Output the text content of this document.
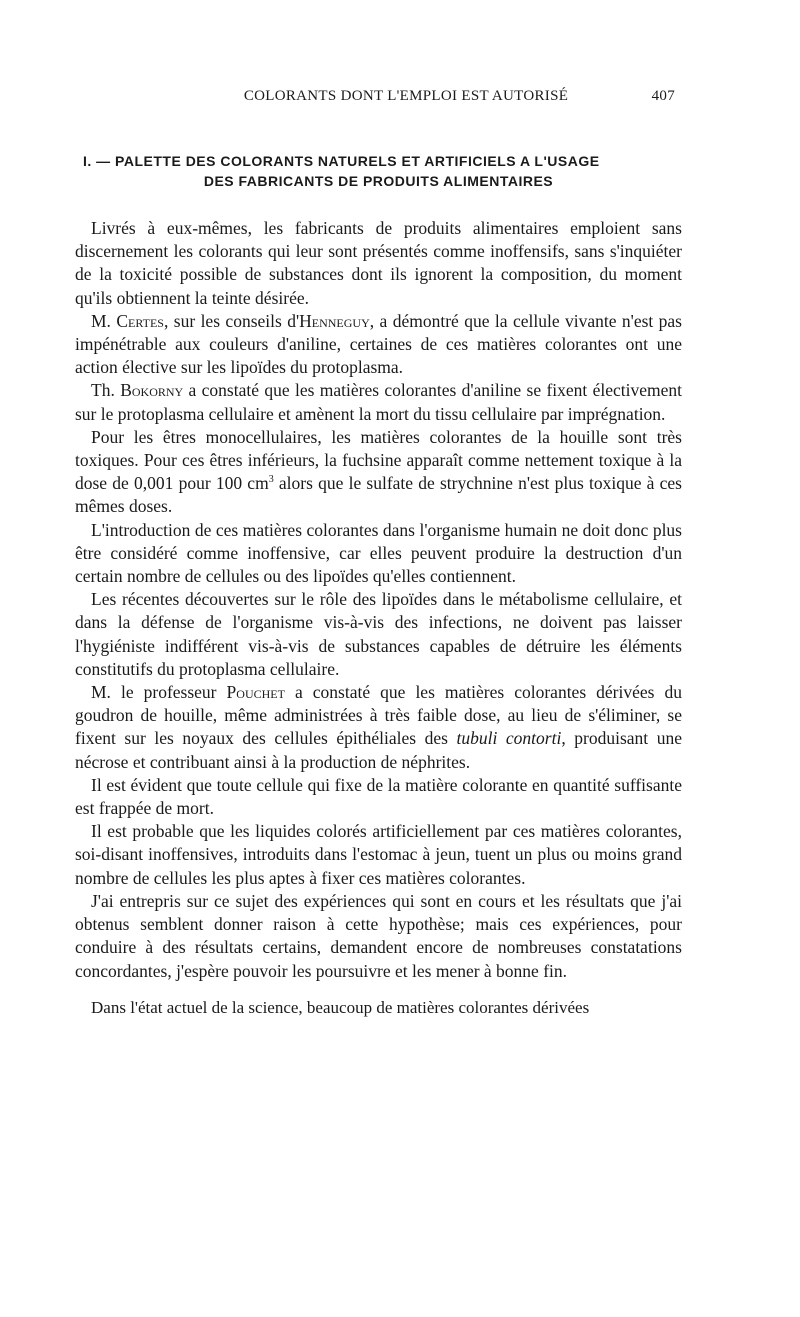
COLORANTS DONT L'EMPLOI EST AUTORISÉ	407
I. — PALETTE DES COLORANTS NATURELS ET ARTIFICIELS A L'USAGE
DES FABRICANTS DE PRODUITS ALIMENTAIRES

Livrés à eux-mêmes, les fabricants de produits alimentaires emploient sans discernement les colorants qui leur sont présentés comme inoffensifs, sans s'inquiéter de la toxicité possible de substances dont ils ignorent la composition, du moment qu'ils obtiennent la teinte désirée.

M. Certes, sur les conseils d'Henneguy, a démontré que la cellule vivante n'est pas impénétrable aux couleurs d'aniline, certaines de ces matières colorantes ont une action élective sur les lipoïdes du protoplasma.

Th. Bokorny a constaté que les matières colorantes d'aniline se fixent électivement sur le protoplasma cellulaire et amènent la mort du tissu cellulaire par imprégnation.

Pour les êtres monocellulaires, les matières colorantes de la houille sont très toxiques. Pour ces êtres inférieurs, la fuchsine apparaît comme nettement toxique à la dose de 0,001 pour 100 $cm^3$ alors que le sulfate de strychnine n'est plus toxique à ces mêmes doses.

L'introduction de ces matières colorantes dans l'organisme humain ne doit donc plus être considéré comme inoffensive, car elles peuvent produire la destruction d'un certain nombre de cellules ou des lipoïdes qu'elles contiennent.

Les récentes découvertes sur le rôle des lipoïdes dans le métabolisme cellulaire, et dans la défense de l'organisme vis-à-vis des infections, ne doivent pas laisser l'hygiéniste indifférent vis-à-vis de substances capables de détruire les éléments constitutifs du protoplasma cellulaire.

M. le professeur Pouchet a constaté que les matières colorantes dérivées du goudron de houille, même administrées à très faible dose, au lieu de s'éliminer, se fixent sur les noyaux des cellules épithéliales des tubuli contorti, produisant une nécrose et contribuant ainsi à la production de néphrites.

Il est évident que toute cellule qui fixe de la matière colorante en quantité suffisante est frappée de mort.

Il est probable que les liquides colorés artificiellement par ces matières colorantes, soi-disant inoffensives, introduits dans l'estomac à jeun, tuent un plus ou moins grand nombre de cellules les plus aptes à fixer ces matières colorantes.

J'ai entrepris sur ce sujet des expériences qui sont en cours et les résultats que j'ai obtenus semblent donner raison à cette hypothèse; mais ces expériences, pour conduire à des résultats certains, demandent encore de nombreuses constatations concordantes, j'espère pouvoir les poursuivre et les mener à bonne fin.

Dans l'état actuel de la science, beaucoup de matières colorantes dérivées
